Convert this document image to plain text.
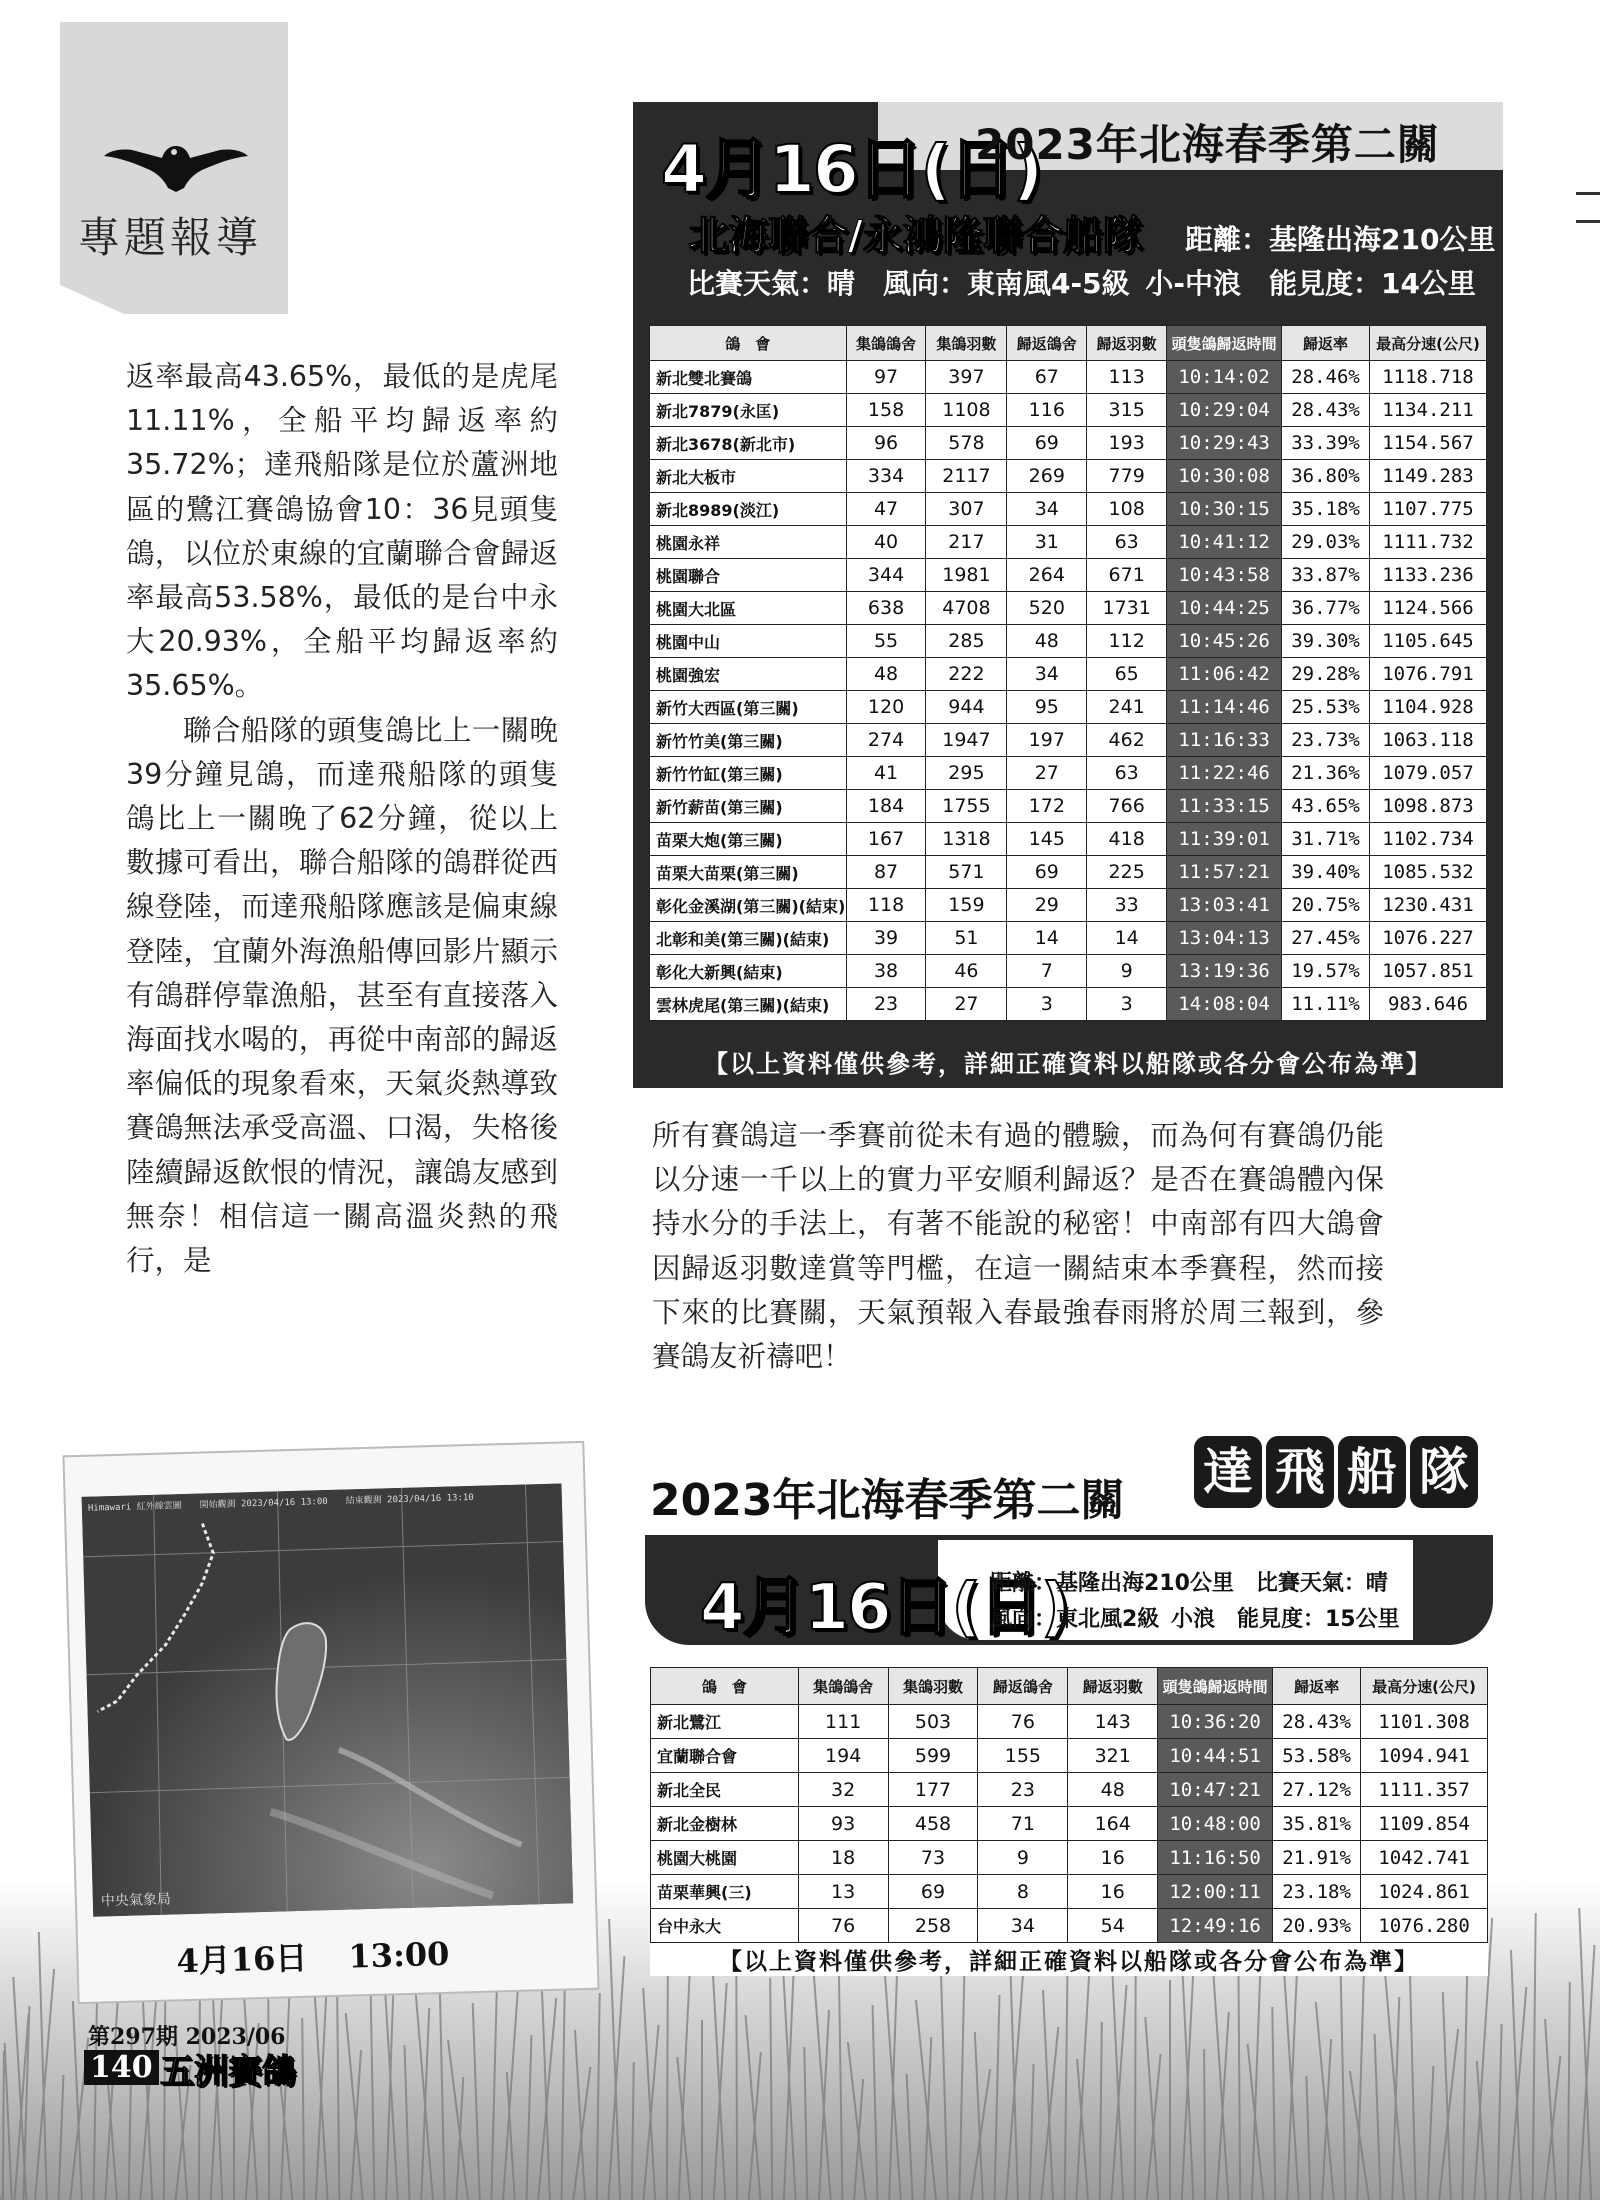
專題報導

返率最高43.65%，最低的是虎尾11.11%，全船平均歸返率約35.72%；達飛船隊是位於蘆洲地區的鷺江賽鴿協會10：36見頭隻鴿，以位於東線的宜蘭聯合會歸返率最高53.58%，最低的是台中永大20.93%，全船平均歸返率約35.65%。

聯合船隊的頭隻鴿比上一關晚39分鐘見鴿，而達飛船隊的頭隻鴿比上一關晚了62分鐘，從以上數據可看出，聯合船隊的鴿群從西線登陸，而達飛船隊應該是偏東線登陸，宜蘭外海漁船傳回影片顯示有鴿群停靠漁船，甚至有直接落入海面找水喝的，再從中南部的歸返率偏低的現象看來，天氣炎熱導致賽鴿無法承受高溫、口渴，失格後陸續歸返飲恨的情況，讓鴿友感到無奈！相信這一關高溫炎熱的飛行，是

4月16日(日)
2023年北海春季第二關
北海聯合/永鴻隆聯合船隊 距離：基隆出海210公里
比賽天氣：晴　風向：東南風4-5級 小-中浪　能見度：14公里
鴿　會	集鴿鴿舍	集鴿羽數	歸返鴿舍	歸返羽數	頭隻鴿歸返時間	歸返率	最高分速(公尺)
新北雙北賽鴿	97	397	67	113	10:14:02	28.46%	1118.718
新北7879(永匡)	158	1108	116	315	10:29:04	28.43%	1134.211
新北3678(新北市)	96	578	69	193	10:29:43	33.39%	1154.567
新北大板市	334	2117	269	779	10:30:08	36.80%	1149.283
新北8989(淡江)	47	307	34	108	10:30:15	35.18%	1107.775
桃園永祥	40	217	31	63	10:41:12	29.03%	1111.732
桃園聯合	344	1981	264	671	10:43:58	33.87%	1133.236
桃園大北區	638	4708	520	1731	10:44:25	36.77%	1124.566
桃園中山	55	285	48	112	10:45:26	39.30%	1105.645
桃園強宏	48	222	34	65	11:06:42	29.28%	1076.791
新竹大西區(第三關)	120	944	95	241	11:14:46	25.53%	1104.928
新竹竹美(第三關)	274	1947	197	462	11:16:33	23.73%	1063.118
新竹竹缸(第三關)	41	295	27	63	11:22:46	21.36%	1079.057
新竹薪苗(第三關)	184	1755	172	766	11:33:15	43.65%	1098.873
苗栗大炮(第三關)	167	1318	145	418	11:39:01	31.71%	1102.734
苗栗大苗栗(第三關)	87	571	69	225	11:57:21	39.40%	1085.532
彰化金溪湖(第三關)(結束)	118	159	29	33	13:03:41	20.75%	1230.431
北彰和美(第三關)(結束)	39	51	14	14	13:04:13	27.45%	1076.227
彰化大新興(結束)	38	46	7	9	13:19:36	19.57%	1057.851
雲林虎尾(第三關)(結束)	23	27	3	3	14:08:04	11.11%	983.646
【以上資料僅供參考，詳細正確資料以船隊或各分會公布為準】

所有賽鴿這一季賽前從未有過的體驗，而為何有賽鴿仍能以分速一千以上的實力平安順利歸返？是否在賽鴿體內保持水分的手法上，有著不能說的秘密！中南部有四大鴿會因歸返羽數達賞等門檻，在這一關結束本季賽程，然而接下來的比賽關，天氣預報入春最強春雨將於周三報到，參賽鴿友祈禱吧！

2023年北海春季第二關 達 飛 船 隊
4月16日(日)
距離：基隆出海210公里　比賽天氣：晴
風向：東北風2級 小浪　能見度：15公里
鴿　會	集鴿鴿舍	集鴿羽數	歸返鴿舍	歸返羽數	頭隻鴿歸返時間	歸返率	最高分速(公尺)
新北鷺江	111	503	76	143	10:36:20	28.43%	1101.308
宜蘭聯合會	194	599	155	321	10:44:51	53.58%	1094.941
新北全民	32	177	23	48	10:47:21	27.12%	1111.357
新北金樹林	93	458	71	164	10:48:00	35.81%	1109.854
桃園大桃園	18	73	9	16	11:16:50	21.91%	1042.741
苗栗華興(三)	13	69	8	16	12:00:11	23.18%	1024.861
台中永大	76	258	34	54	12:49:16	20.93%	1076.280
【以上資料僅供參考，詳細正確資料以船隊或各分會公布為準】
Himawari 紅外線雲圖　　開始觀測 2023/04/16 13:00　　結束觀測 2023/04/16 13:10
中央氣象局
4月16日 13:00
第297期 2023/06
140 五洲賽鴿
